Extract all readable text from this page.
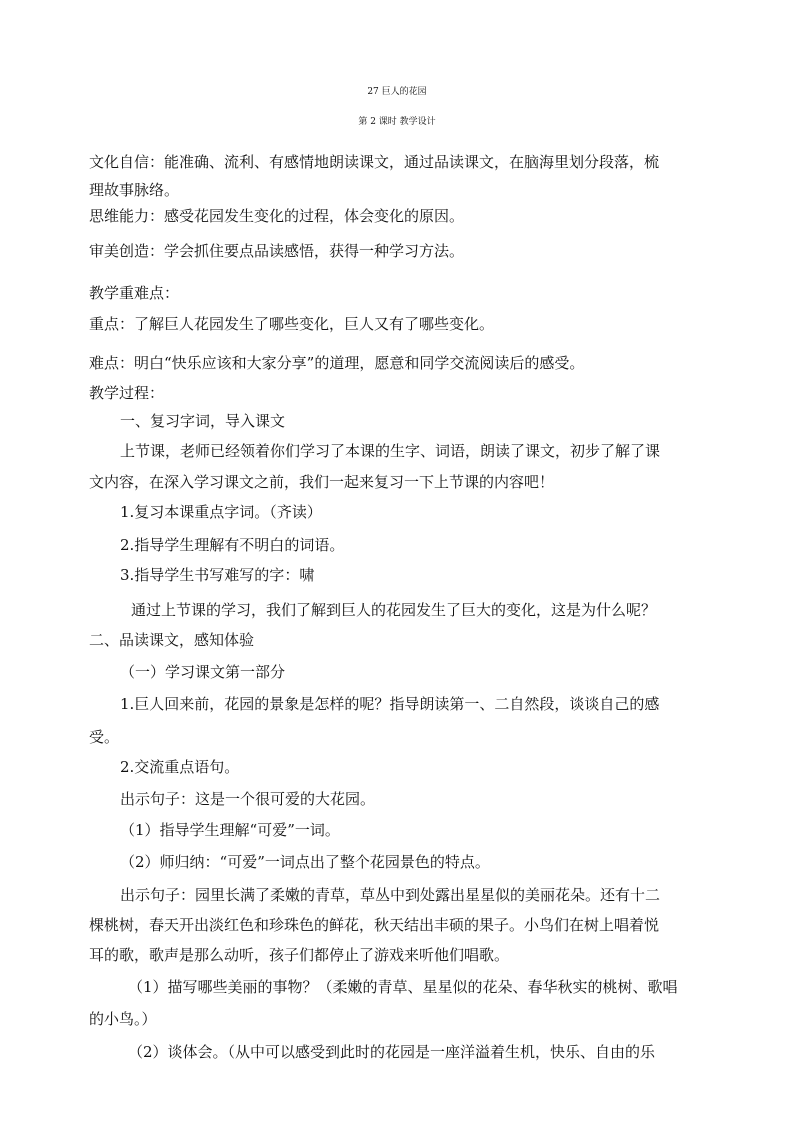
27 巨人的花园
第 2 课时 教学设计
文化自信：能准确、流利、有感情地朗读课文，通过品读课文，在脑海里划分段落，梳
理故事脉络。
思维能力：感受花园发生变化的过程，体会变化的原因。
审美创造：学会抓住要点品读感悟，获得一种学习方法。
教学重难点：
重点：了解巨人花园发生了哪些变化，巨人又有了哪些变化。
难点：明白“快乐应该和大家分享”的道理，愿意和同学交流阅读后的感受。
教学过程：
一、复习字词，导入课文
上节课，老师已经领着你们学习了本课的生字、词语，朗读了课文，初步了解了课
文内容，在深入学习课文之前，我们一起来复习一下上节课的内容吧！
1.复习本课重点字词。（齐读）
2.指导学生理解有不明白的词语。
3.指导学生书写难写的字：啸
通过上节课的学习，我们了解到巨人的花园发生了巨大的变化，这是为什么呢？
二、品读课文，感知体验
（一）学习课文第一部分
1.巨人回来前，花园的景象是怎样的呢？指导朗读第一、二自然段，谈谈自己的感
受。
2.交流重点语句。
出示句子：这是一个很可爱的大花园。
（1）指导学生理解“可爱”一词。
（2）师归纳：“可爱”一词点出了整个花园景色的特点。
出示句子：园里长满了柔嫩的青草，草丛中到处露出星星似的美丽花朵。还有十二
棵桃树，春天开出淡红色和珍珠色的鲜花，秋天结出丰硕的果子。小鸟们在树上唱着悦
耳的歌，歌声是那么动听，孩子们都停止了游戏来听他们唱歌。
（1）描写哪些美丽的事物？（柔嫩的青草、星星似的花朵、春华秋实的桃树、歌唱
的小鸟。）
（2）谈体会。（从中可以感受到此时的花园是一座洋溢着生机，快乐、自由的乐
